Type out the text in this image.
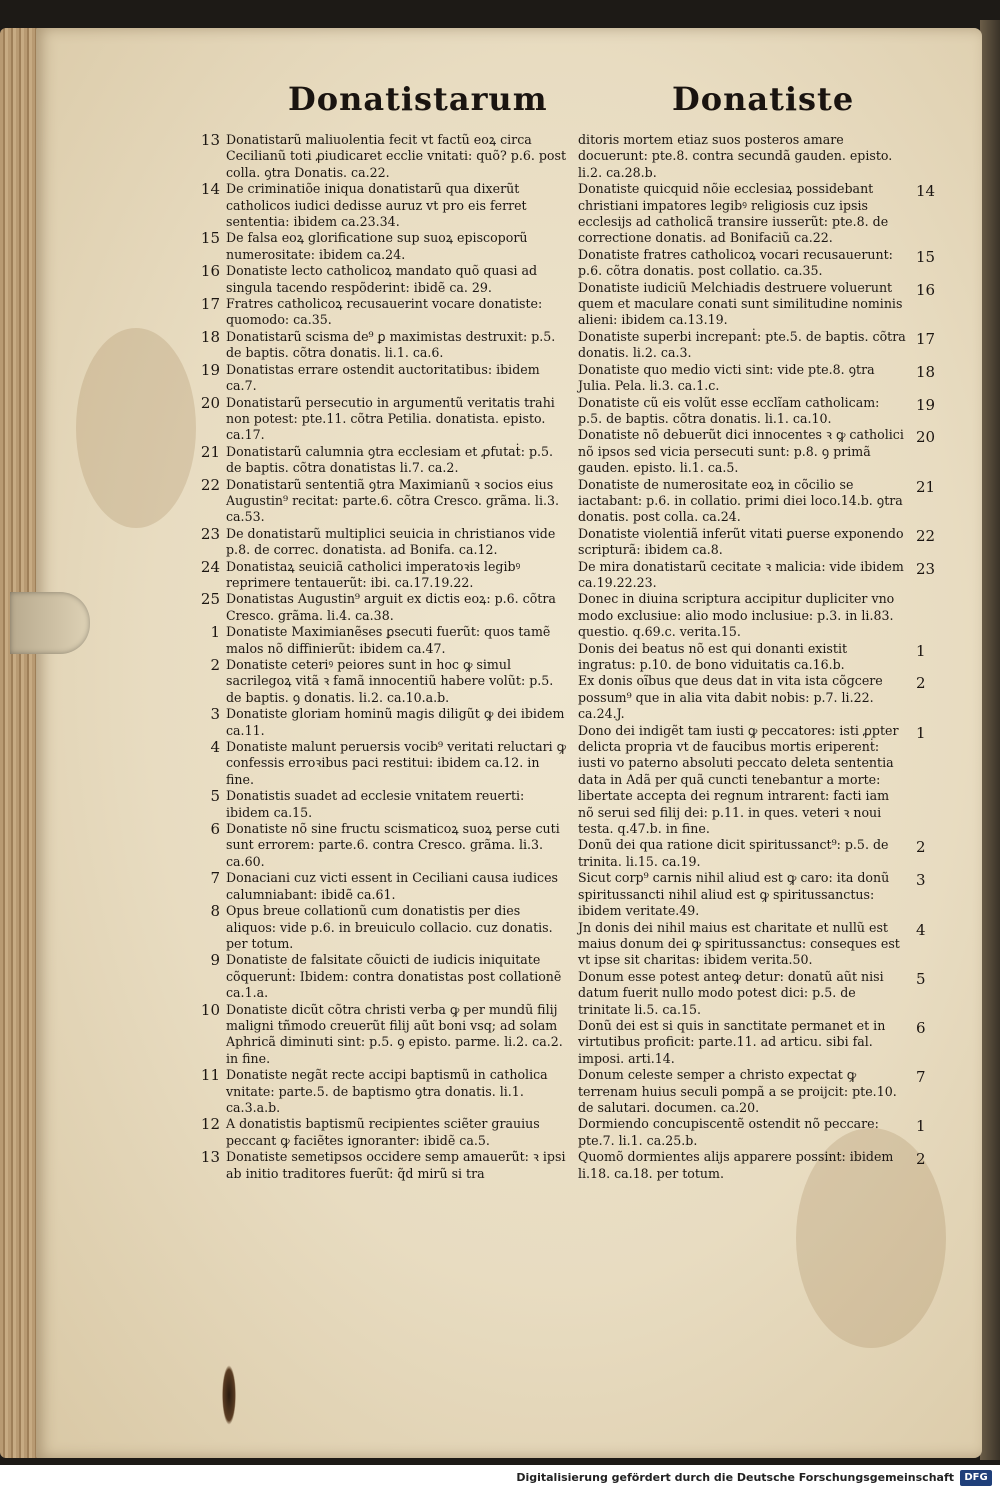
Donatistarum	Donatiste
13 Donatistarũ maliuolentia fecit vt factũ eoꝝ circa Cecilianũ toti ꝓiudicaret ecclie vnitati: quõ? p.6. post colla. ꝯtra Donatis. ca.22.
14 De criminatiõe iniqua donatistarũ qua dixerũt catholicos iudici dedisse auruz vt pro eis ferret sententia: ibidem ca.23.34.
15 De falsa eoꝝ glorificatione sup suoꝝ episcoporũ numerositate: ibidem ca.24.
16 Donatiste lecto catholicoꝝ mandato quõ quasi ad singula tacendo respõderint: ibidẽ ca. 29.
17 Fratres catholicoꝝ recusauerint vocare donatiste: quomodo: ca.35.
18 Donatistarũ scisma de⁹ ꝑ maximistas destruxit: p.5. de baptis. cõtra donatis. li.1. ca.6.
19 Donatistas errare ostendit auctoritatibus: ibidem ca.7.
20 Donatistarũ persecutio in argumentũ veritatis trahi non potest: pte.11. cõtra Petilia. donatista. episto. ca.17.
21 Donatistarũ calumnia ꝯtra ecclesiam et ꝓfutaṫ: p.5. de baptis. cõtra donatistas li.7. ca.2.
22 Donatistarũ sententiã ꝯtra Maximianũ ꝛ socios eius Augustin⁹ recitat: parte.6. cõtra Cresco. grãma. li.3. ca.53.
23 De donatistarũ multiplici seuicia in christianos vide p.8. de correc. donatista. ad Bonifa. ca.12.
24 Donatistaꝝ seuiciã catholici imperatoꝛis legibꝰ reprimere tentauerũt: ibi. ca.17.19.22.
25 Donatistas Augustin⁹ arguit ex dictis eoꝝ: p.6. cõtra Cresco. grãma. li.4. ca.38.
1 Donatiste Maximianẽses ꝑsecuti fuerũt: quos tamẽ malos nõ diffinierũt: ibidem ca.47.
2 Donatiste ceteriꝰ peiores sunt in hoc ꝙ simul sacrilegoꝝ vitã ꝛ famã innocentiũ habere volũt: p.5. de baptis. ꝯ donatis. li.2. ca.10.a.b.
3 Donatiste gloriam hominũ magis diligũt ꝙ dei ibidem ca.11.
4 Donatiste malunt peruersis vocib⁹ veritati reluctari ꝙ confessis erroꝛibus paci restitui: ibidem ca.12. in fine.
5 Donatistis suadet ad ecclesie vnitatem reuerti: ibidem ca.15.
6 Donatiste nõ sine fructu scismaticoꝝ suoꝝ perse cuti sunt errorem: parte.6. contra Cresco. grãma. li.3. ca.60.
7 Donaciani cuz victi essent in Ceciliani causa iudices calumniabant: ibidẽ ca.61.
8 Opus breue collationũ cum donatistis per dies aliquos: vide p.6. in breuiculo collacio. cuz donatis. per totum.
9 Donatiste de falsitate cõuicti de iudicis iniquitate cõquerunṫ: Ibidem: contra donatistas post collationẽ ca.1.a.
10 Donatiste dicũt cõtra christi verba ꝙ per mundũ filij maligni tñmodo creuerũt filij aũt boni vsq; ad solam Aphricã diminuti sint: p.5. ꝯ episto. parme. li.2. ca.2. in fine.
11 Donatiste negãt recte accipi baptismũ in catholica vnitate: parte.5. de baptismo ꝯtra donatis. li.1. ca.3.a.b.
12 A donatistis baptismũ recipientes sciẽter grauius peccant ꝙ faciẽtes ignoranter: ibidẽ ca.5.
13 Donatiste semetipsos occidere semp amauerũt: ꝛ ipsi ab initio traditores fuerũt: q̃d mirũ si tra
ditoris mortem etiaz suos posteros amare docuerunt: pte.8. contra secundã gauden. episto. li.2. ca.28.b.
14
Donatiste quicquid nõie ecclesiaꝝ possidebant christiani impatores legibꝰ religiosis cuz ipsis ecclesijs ad catholicã transire iusserũt: pte.8. de correctione donatis. ad Bonifaciũ ca.22.
15
Donatiste fratres catholicoꝝ vocari recusauerunt: p.6. cõtra donatis. post collatio. ca.35.
16
Donatiste iudiciũ Melchiadis destruere voluerunt quem et maculare conati sunt similitudine nominis alieni: ibidem ca.13.19.
17
Donatiste superbi increpanṫ: pte.5. de baptis. cõtra donatis. li.2. ca.3.
18
Donatiste quo medio victi sint: vide pte.8. ꝯtra Julia. Pela. li.3. ca.1.c.
19
Donatiste cũ eis volũt esse ecclĩam catholicam: p.5. de baptis. cõtra donatis. li.1. ca.10.
20
Donatiste nõ debuerũt dici innocentes ꝛ ꝙ catholici nõ ipsos sed vicia persecuti sunt: p.8. ꝯ primã gauden. episto. li.1. ca.5.
21
Donatiste de numerositate eoꝝ in cõcilio se iactabant: p.6. in collatio. primi diei loco.14.b. ꝯtra donatis. post colla. ca.24.
22
Donatiste violentiã inferũt vitati ꝑuerse exponendo scripturã: ibidem ca.8.
23
De mira donatistarũ cecitate ꝛ malicia: vide ibidem ca.19.22.23.
Donec in diuina scriptura accipitur dupliciter vno modo exclusiue: alio modo inclusiue: p.3. in li.83. questio. q.69.c. verita.15.
1
Donis dei beatus nõ est qui donanti existit ingratus: p.10. de bono viduitatis ca.16.b.
2
Ex donis oĩbus que deus dat in vita ista cõgcere possum⁹ que in alia vita dabit nobis: p.7. li.22. ca.24.J.
1
Dono dei indigẽt tam iusti ꝙ peccatores: isti ꝓpter delicta propria vt de faucibus mortis eriperenṫ: iusti vo paterno absoluti peccato deleta sententia data in Adã per quã cuncti tenebantur a morte: libertate accepta dei regnum intrarent: facti iam nõ serui sed filij dei: p.11. in ques. veteri ꝛ noui testa. q.47.b. in fine.
2
Donũ dei qua ratione dicit spiritussanct⁹: p.5. de trinita. li.15. ca.19.
3
Sicut corp⁹ carnis nihil aliud est ꝙ caro: ita donũ spiritussancti nihil aliud est ꝙ spiritussanctus: ibidem veritate.49.
4
Jn donis dei nihil maius est charitate et nullũ est maius donum dei ꝙ spiritussanctus: conseques est vt ipse sit charitas: ibidem verita.50.
5
Donum esse potest anteꝙ detur: donatũ aũt nisi datum fuerit nullo modo potest dici: p.5. de trinitate li.5. ca.15.
6
Donũ dei est si quis in sanctitate permanet et in virtutibus proficit: parte.11. ad articu. sibi fal. imposi. arti.14.
7
Donum celeste semper a christo expectat ꝙ terrenam huius seculi pompã a se proijcit: pte.10. de salutari. documen. ca.20.
1
Dormiendo concupiscentẽ ostendit nõ peccare: pte.7. li.1. ca.25.b.
2
Quomõ dormientes alijs apparere possint: ibidem li.18. ca.18. per totum.
Digitalisierung gefördert durch die Deutsche Forschungsgemeinschaft	DFG
